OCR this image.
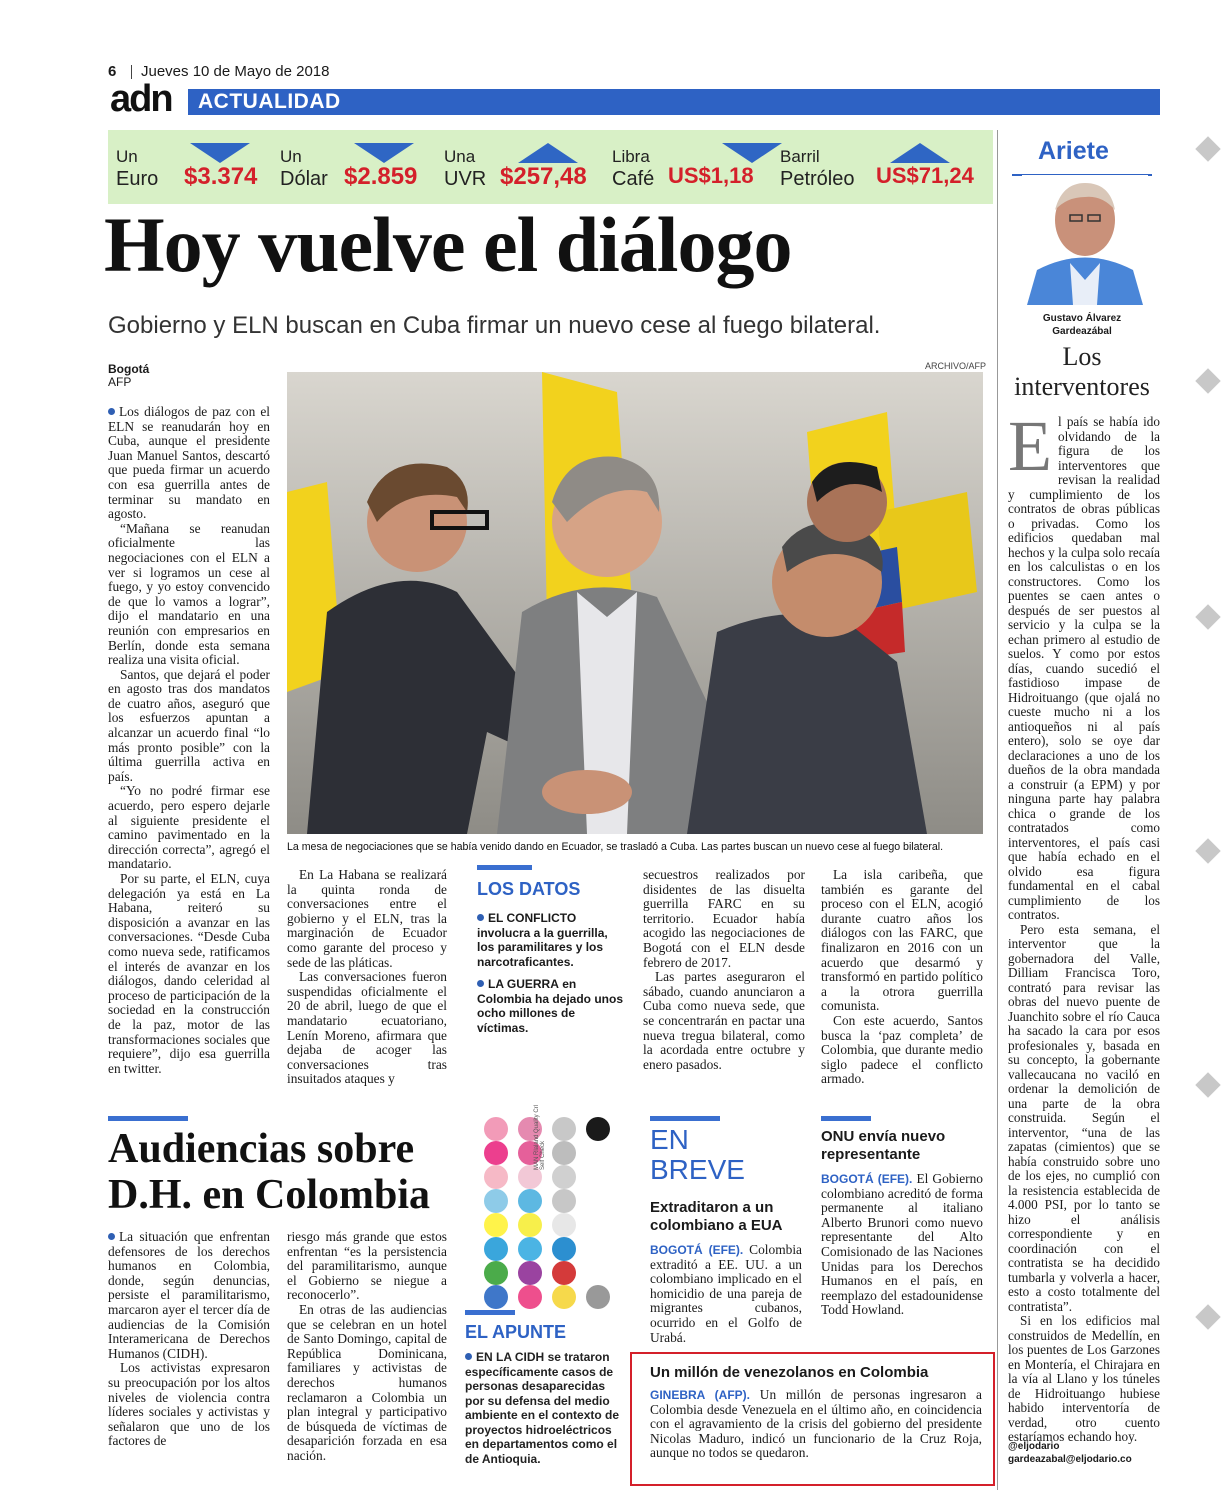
6 Jueves 10 de Mayo de 2018
adn ACTUALIDAD
Un
Euro $3.374
Un
Dólar $2.859
Una
UVR $257,48
Libra
Café US$1,18
Barril
Petróleo US$71,24
Hoy vuelve el diálogo
Gobierno y ELN buscan en Cuba firmar un nuevo cese al fuego bilateral.
Bogotá
AFP
ARCHIVO/AFP
La mesa de negociaciones que se había venido dando en Ecuador, se trasladó a Cuba. Las partes buscan un nuevo cese al fuego bilateral.

Los diálogos de paz con el ELN se reanudarán hoy en Cuba, aunque el presidente Juan Manuel Santos, descartó que pueda firmar un acuerdo con esa guerrilla antes de terminar su mandato en agosto.

“Mañana se reanudan oficialmente las negociaciones con el ELN a ver si logramos un cese al fuego, y yo estoy convencido de que lo vamos a lograr”, dijo el mandatario en una reunión con empresarios en Berlín, donde esta semana realiza una visita oficial.

Santos, que dejará el poder en agosto tras dos mandatos de cuatro años, aseguró que los esfuerzos apuntan a alcanzar un acuerdo final “lo más pronto posible” con la última guerrilla activa en país.

“Yo no podré firmar ese acuerdo, pero espero dejarle al siguiente presidente el camino pavimentado en la dirección correcta”, agregó el mandatario.

Por su parte, el ELN, cuya delegación ya está en La Habana, reiteró su disposición a avanzar en las conversaciones. “Desde Cuba como nueva sede, ratificamos el interés de avanzar en los diálogos, dando celeridad al proceso de participación de la sociedad en la construcción de la paz, motor de las transformaciones sociales que requiere”, dijo esa guerrilla en twitter.

En La Habana se realizará la quinta ronda de conversaciones entre el gobierno y el ELN, tras la marginación de Ecuador como garante del proceso y sede de las pláticas.

Las conversaciones fueron suspendidas oficialmente el 20 de abril, luego de que el mandatario ecuatoriano, Lenín Moreno, afirmara que dejaba de acoger las conversaciones tras insuitados ataques y

secuestros realizados por disidentes de las disuelta guerrilla FARC en su territorio. Ecuador había acogido las negociaciones de Bogotá con el ELN desde febrero de 2017.

Las partes aseguraron el sábado, cuando anunciaron a Cuba como nueva sede, que se concentrarán en pactar una nueva tregua bilateral, como la acordada entre octubre y enero pasados.

La isla caribeña, que también es garante del proceso con el ELN, acogió durante cuatro años los diálogos con las FARC, que finalizaron en 2016 con un acuerdo que desarmó y transformó en partido político a la otrora guerrilla comunista.

Con este acuerdo, Santos busca la ‘paz completa’ de Colombia, que durante medio siglo padece el conflicto armado.

LOS DATOS
EL CONFLICTO involucra a la guerrilla, los paramilitares y los narcotraficantes.
LA GUERRA en Colombia ha dejado unos ocho millones de víctimas.
Audiencias sobre D.H. en Colombia

La situación que enfrentan defensores de los derechos humanos en Colombia, donde, según denuncias, persiste el paramilitarismo, marcaron ayer el tercer día de audiencias de la Comisión Interamericana de Derechos Humanos (CIDH).

Los activistas expresaron su preocupación por los altos niveles de violencia contra líderes sociales y activistas y señalaron que uno de los factores de

riesgo más grande que estos enfrentan “es la persistencia del paramilitarismo, aunque el Gobierno se niegue a reconocerlo”.

En otras de las audiencias que se celebran en un hotel de Santo Domingo, capital de República Dominicana, familiares y activistas de derechos humanos reclamaron a Colombia un plan integral y participativo de búsqueda de víctimas de desaparición forzada en esa nación.

MAN Rlaland Quality Crl Self Check
EL APUNTE
EN LA CIDH se trataron específicamente casos de personas desaparecidas por su defensa del medio ambiente en el contexto de proyectos hidroeléctricos en departamentos como el de Antioquia.
EN
BREVE
Extraditaron a un colombiano a EUA
BOGOTÁ (EFE). Colombia extraditó a EE. UU. a un colombiano implicado en el homicidio de una pareja de migrantes cubanos, ocurrido en el Golfo de Urabá.
ONU envía nuevo representante
BOGOTÁ (EFE). El Gobierno colombiano acreditó de forma permanente al italiano Alberto Brunori como nuevo representante del Alto Comisionado de las Naciones Unidas para los Derechos Humanos en el país, en reemplazo del estadounidense Todd Howland.
Un millón de venezolanos en Colombia
GINEBRA (AFP). Un millón de personas ingresaron a Colombia desde Venezuela en el último año, en coincidencia con el agravamiento de la crisis del gobierno del presidente Nicolas Maduro, indicó un funcionario de la Cruz Roja, aunque no todos se quedaron.
Ariete
Gustavo Álvarez
Gardeazábal
Los interventores
E l país se había ido olvidando de la figura de los interventores que revisan la realidad y cumplimiento de los contratos de obras públicas o privadas. Como los edificios quedaban mal hechos y la culpa solo recaía en los calculistas o en los constructores. Como los puentes se caen antes o después de ser puestos al servicio y la culpa se la echan primero al estudio de suelos. Y como por estos días, cuando sucedió el fastidioso impase de Hidroituango (que ojalá no cueste mucho ni a los antioqueños ni al país entero), solo se oye dar declaraciones a uno de los dueños de la obra mandada a construir (a EPM) y por ninguna parte hay palabra chica o grande de los contratados como interventores, el país casi que había echado en el olvido esa figura fundamental en el cabal cumplimiento de los contratos.

Pero esta semana, el interventor que la gobernadora del Valle, Dilliam Francisca Toro, contrató para revisar las obras del nuevo puente de Juanchito sobre el río Cauca ha sacado la cara por esos profesionales y, basada en su concepto, la gobernante vallecaucana no vaciló en ordenar la demolición de una parte de la obra construida. Según el interventor, “una de las zapatas (cimientos) que se había construido sobre uno de los ejes, no cumplió con la resistencia establecida de 4.000 PSI, por lo tanto se hizo el análisis correspondiente y en coordinación con el contratista se ha decidido tumbarla y volverla a hacer, esto a costo totalmente del contratista”.

Si en los edificios mal construidos de Medellín, en los puentes de Los Garzones en Montería, el Chirajara en la vía al Llano y los túneles de Hidroituango hubiese habido interventoría de verdad, otro cuento estaríamos echando hoy.

@eljodario
gardeazabal@eljodario.co
